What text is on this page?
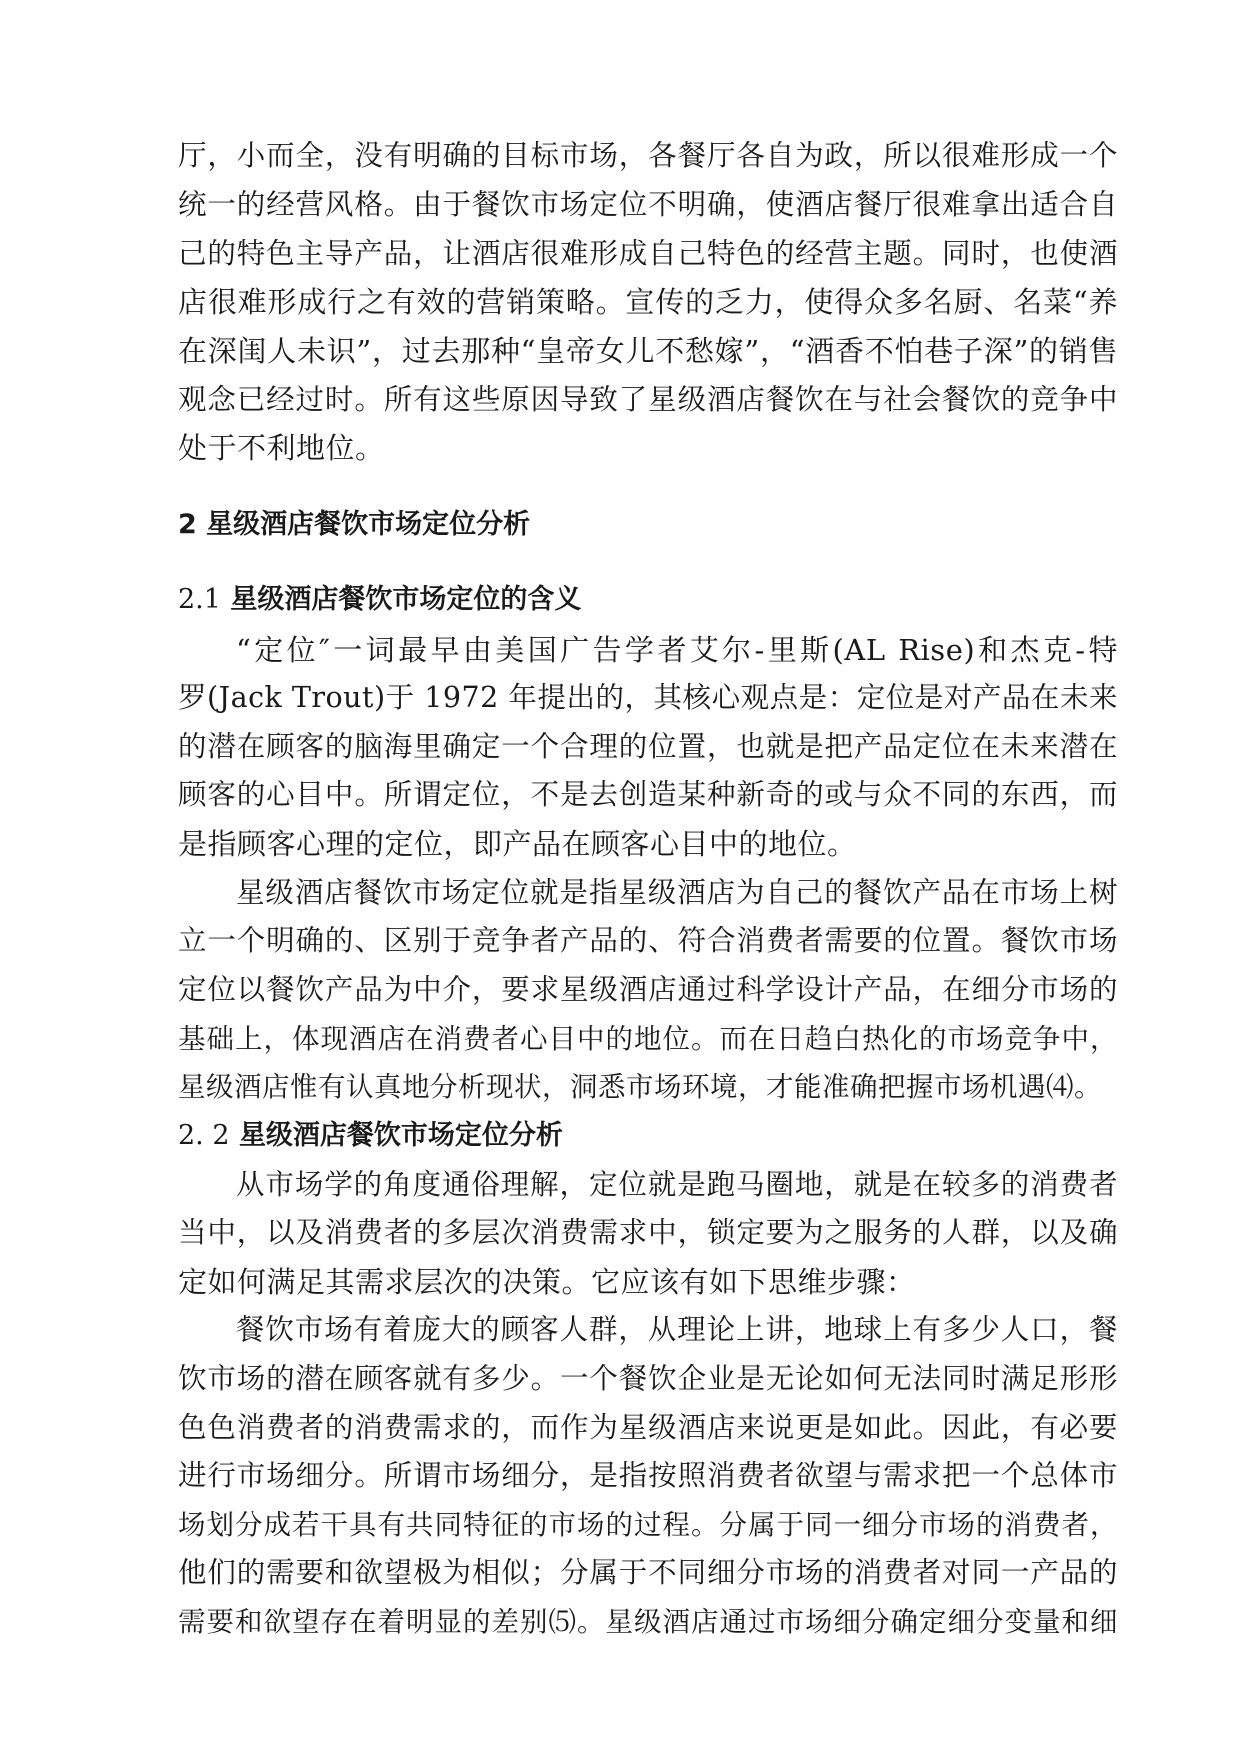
厅，小而全，没有明确的目标市场，各餐厅各自为政，所以很难形成一个
统一的经营风格。由于餐饮市场定位不明确，使酒店餐厅很难拿出适合自
己的特色主导产品，让酒店很难形成自己特色的经营主题。同时，也使酒
店很难形成行之有效的营销策略。宣传的乏力，使得众多名厨、名菜“养
在深闺人未识”，过去那种“皇帝女儿不愁嫁”，“酒香不怕巷子深”的销售
观念已经过时。所有这些原因导致了星级酒店餐饮在与社会餐饮的竞争中
处于不利地位。
2 星级酒店餐饮市场定位分析
2.1 星级酒店餐饮市场定位的含义
“定位″一词最早由美国广告学者艾尔-里斯(AL Rise)和杰克-特
罗(Jack Trout)于 1972 年提出的，其核心观点是：定位是对产品在未来
的潜在顾客的脑海里确定一个合理的位置，也就是把产品定位在未来潜在
顾客的心目中。所谓定位，不是去创造某种新奇的或与众不同的东西，而
是指顾客心理的定位，即产品在顾客心目中的地位。
星级酒店餐饮市场定位就是指星级酒店为自己的餐饮产品在市场上树
立一个明确的、区别于竞争者产品的、符合消费者需要的位置。餐饮市场
定位以餐饮产品为中介，要求星级酒店通过科学设计产品，在细分市场的
基础上，体现酒店在消费者心目中的地位。而在日趋白热化的市场竞争中，
星级酒店惟有认真地分析现状，洞悉市场环境，才能准确把握市场机遇⑷。
2. 2 星级酒店餐饮市场定位分析
从市场学的角度通俗理解，定位就是跑马圈地，就是在较多的消费者
当中，以及消费者的多层次消费需求中，锁定要为之服务的人群，以及确
定如何满足其需求层次的决策。它应该有如下思维步骤：
餐饮市场有着庞大的顾客人群，从理论上讲，地球上有多少人口，餐
饮市场的潜在顾客就有多少。一个餐饮企业是无论如何无法同时满足形形
色色消费者的消费需求的，而作为星级酒店来说更是如此。因此，有必要
进行市场细分。所谓市场细分，是指按照消费者欲望与需求把一个总体市
场划分成若干具有共同特征的市场的过程。分属于同一细分市场的消费者，
他们的需要和欲望极为相似；分属于不同细分市场的消费者对同一产品的
需要和欲望存在着明显的差别⑸。星级酒店通过市场细分确定细分变量和细
